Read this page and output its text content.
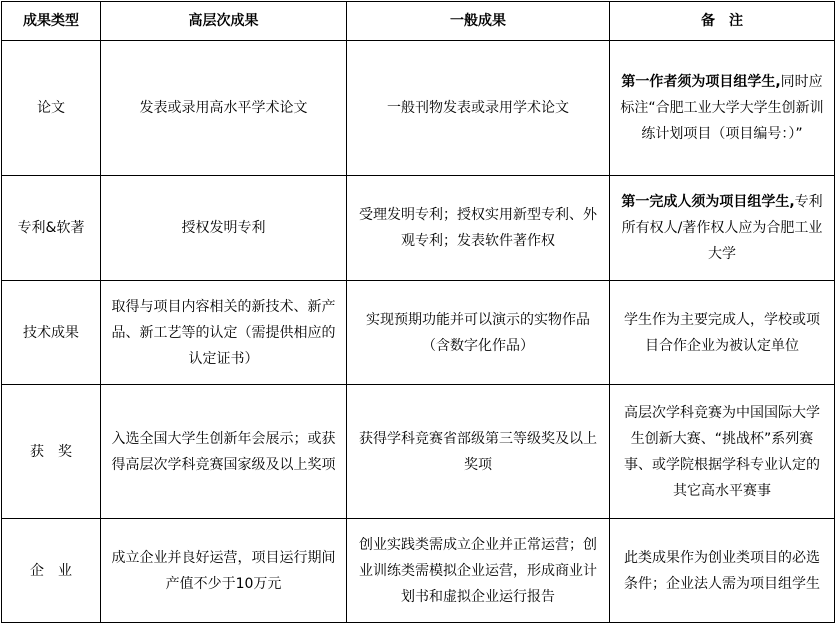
成果类型	高层次成果	一般成果	备　注
论文	发表或录用高水平学术论文	一般刊物发表或录用学术论文	第一作者须为项目组学生,同时应标注“合肥工业大学大学生创新训练计划项目（项目编号：）”
专利&软著	授权发明专利	受理发明专利；授权实用新型专利、外观专利；发表软件著作权	第一完成人须为项目组学生,专利所有权人/著作权人应为合肥工业大学
技术成果	取得与项目内容相关的新技术、新产品、新工艺等的认定（需提供相应的认定证书）	实现预期功能并可以演示的实物作品（含数字化作品）	学生作为主要完成人，学校或项目合作企业为被认定单位
获　奖	入选全国大学生创新年会展示；或获得高层次学科竞赛国家级及以上奖项	获得学科竞赛省部级第三等级奖及以上奖项	高层次学科竞赛为中国国际大学生创新大赛、“挑战杯”系列赛事、或学院根据学科专业认定的其它高水平赛事
企　业	成立企业并良好运营，项目运行期间产值不少于10万元	创业实践类需成立企业并正常运营；创业训练类需模拟企业运营，形成商业计划书和虚拟企业运行报告	此类成果作为创业类项目的必选条件；企业法人需为项目组学生
